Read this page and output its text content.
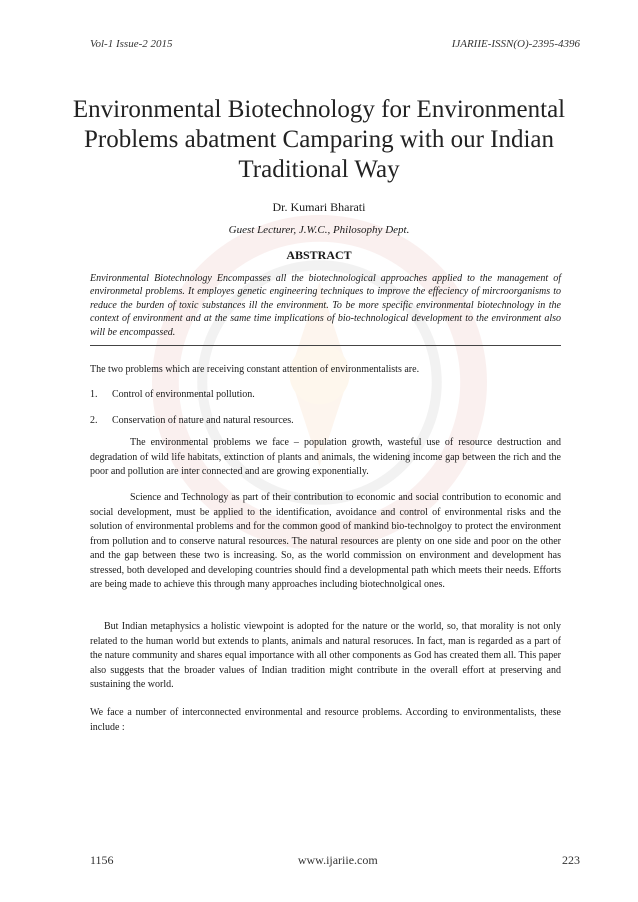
Vol-1 Issue-2 2015	IJARIIE-ISSN(O)-2395-4396
Environmental Biotechnology for Environmental Problems abatment Camparing with our Indian Traditional Way
Dr. Kumari Bharati
Guest Lecturer, J.W.C., Philosophy Dept.
ABSTRACT
Environmental Biotechnology Encompasses all the biotechnological approaches applied to the management of environmetal problems. It employes genetic engineering techniques to improve the effeciency of mircroorganisms to reduce the burden of toxic substances ill the environment. To be more specific environmental biotechnology in the context of environment and at the same time implications of bio-technological development to the environment also will be encompassed.
The two problems which are receiving constant attention of environmentalists are.
1.	Control of environmental pollution.
2.	Conservation of nature and natural resources.
The environmental problems we face – population growth, wasteful use of resource destruction and degradation of wild life habitats, extinction of plants and animals, the widening income gap between the rich and the poor and pollution are inter connected and are growing exponentially.
Science and Technology as part of their contribution to economic and social contribution to economic and social development, must be applied to the identification, avoidance and control of environmental risks and the solution of environmental problems and for the common good of mankind bio-technolgoy to protect the environment from pollution and to conserve natural resources. The natural resources are plenty on one side and poor on the other and the gap between these two is increasing. So, as the world commission on environment and development has stressed, both developed and developing countries should find a developmental path which meets their needs. Efforts are being made to achieve this through many approaches including biotechnolgical ones.
But Indian metaphysics a holistic viewpoint is adopted for the nature or the world, so, that morality is not only related to the human world but extends to plants, animals and natural resoruces. In fact, man is regarded as a part of the nature community and shares equal importance with all other components as God has created them all. This paper also suggests that the broader values of Indian tradition might contribute in the overall effort at preserving and sustaining the world.
We face a number of interconnected environmental and resource problems. According to environmentalists, these include :
1156	www.ijariie.com	223
